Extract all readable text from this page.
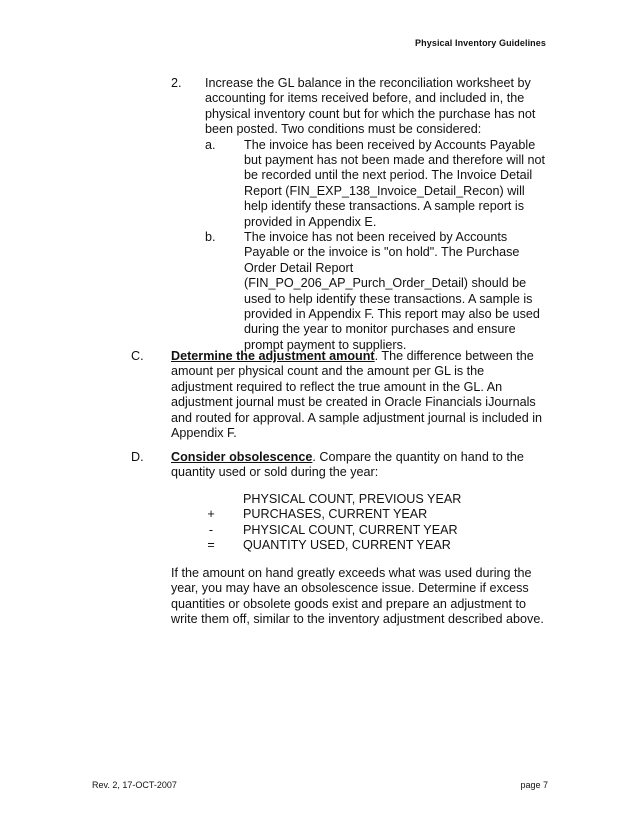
Physical Inventory Guidelines
2. Increase the GL balance in the reconciliation worksheet by
accounting for items received before, and included in, the
physical inventory count but for which the purchase has not
been posted. Two conditions must be considered:
a. The invoice has been received by Accounts Payable
but payment has not been made and therefore will not
be recorded until the next period. The Invoice Detail
Report (FIN_EXP_138_Invoice_Detail_Recon) will
help identify these transactions. A sample report is
provided in Appendix E.
b. The invoice has not been received by Accounts
Payable or the invoice is "on hold". The Purchase
Order Detail Report
(FIN_PO_206_AP_Purch_Order_Detail) should be
used to help identify these transactions. A sample is
provided in Appendix F. This report may also be used
during the year to monitor purchases and ensure
prompt payment to suppliers.
C. Determine the adjustment amount. The difference between the
amount per physical count and the amount per GL is the
adjustment required to reflect the true amount in the GL. An
adjustment journal must be created in Oracle Financials iJournals
and routed for approval. A sample adjustment journal is included in
Appendix F.
D. Consider obsolescence. Compare the quantity on hand to the
quantity used or sold during the year:
PHYSICAL COUNT, PREVIOUS YEAR
+	PURCHASES, CURRENT YEAR
-	PHYSICAL COUNT, CURRENT YEAR
=	QUANTITY USED, CURRENT YEAR
If the amount on hand greatly exceeds what was used during the
year, you may have an obsolescence issue. Determine if excess
quantities or obsolete goods exist and prepare an adjustment to
write them off, similar to the inventory adjustment described above.
Rev. 2, 17-OCT-2007	page 7
